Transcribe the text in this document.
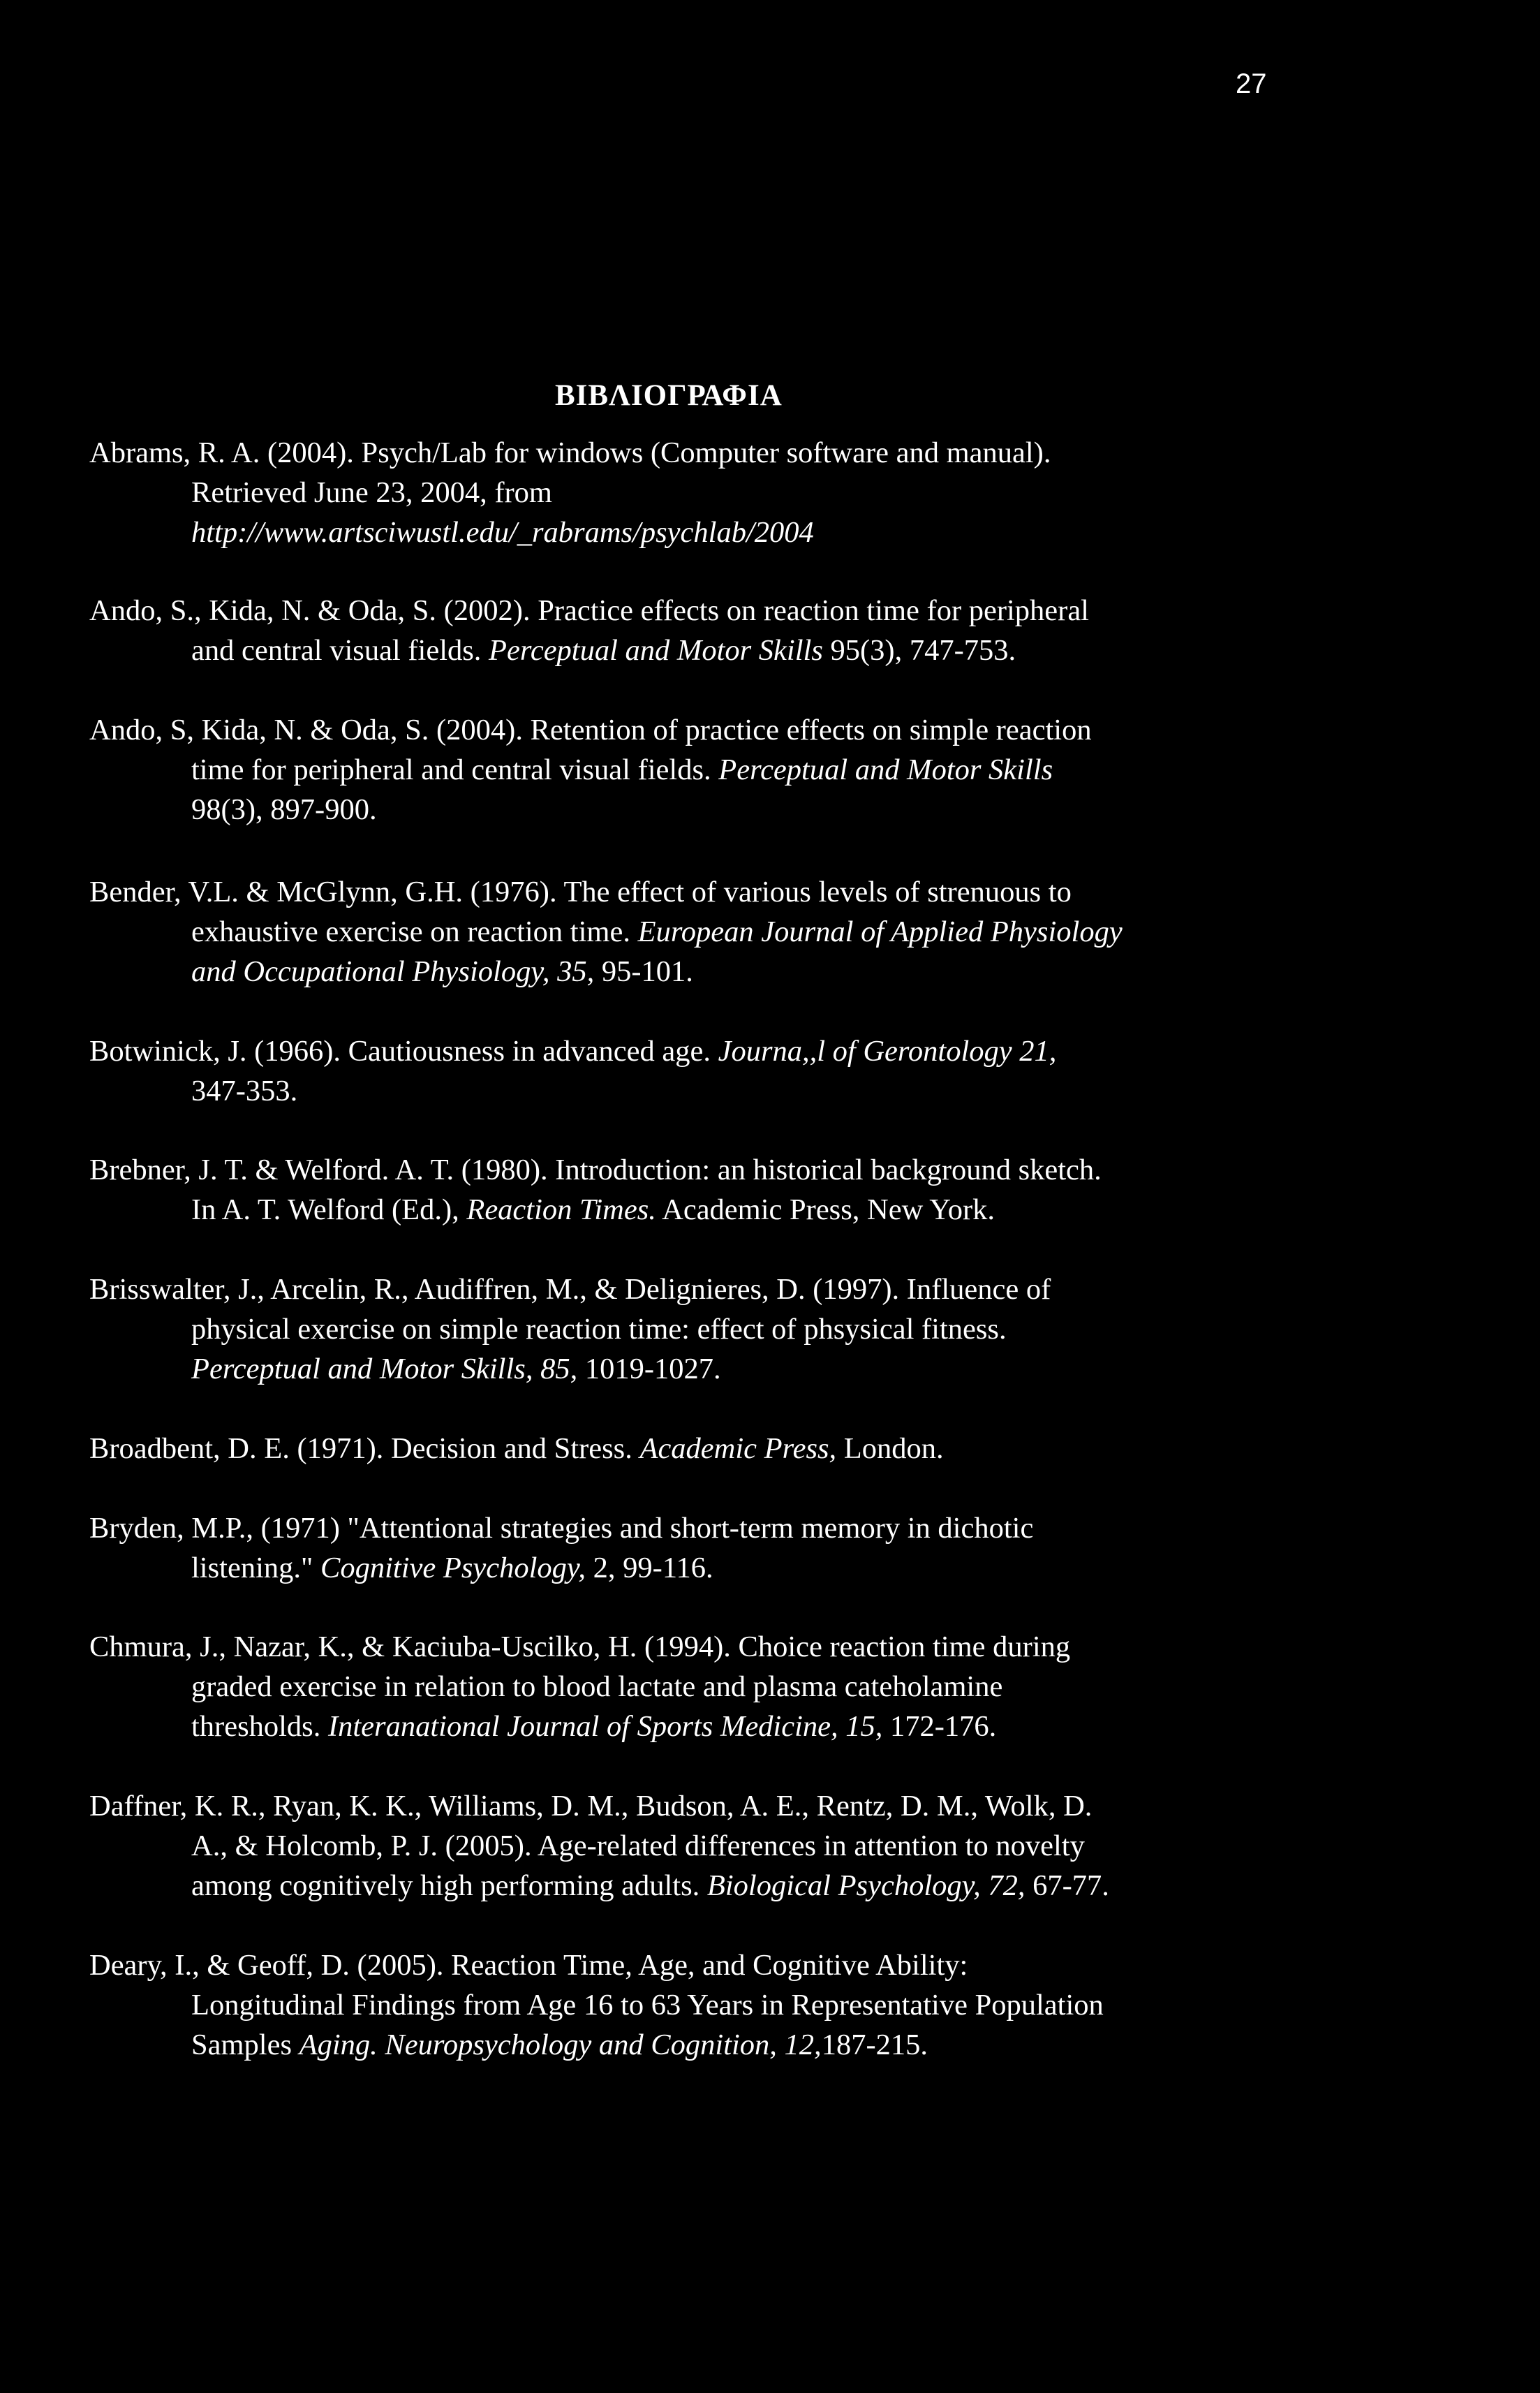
27
ΒΙΒΛΙΟΓΡΑΦΙΑ
Abrams, R. A. (2004). Psych/Lab for windows (Computer software and manual).
Retrieved June 23, 2004, from
http://www.artsciwustl.edu/_rabrams/psychlab/2004
Ando, S., Kida, N. & Oda, S. (2002). Practice effects on reaction time for peripheral
and central visual fields. Perceptual and Motor Skills 95(3), 747-753.
Ando, S, Kida, N. & Oda, S. (2004). Retention of practice effects on simple reaction
time for peripheral and central visual fields. Perceptual and Motor Skills
98(3), 897-900.
Bender, V.L. & McGlynn, G.H. (1976). The effect of various levels of strenuous to
exhaustive exercise on reaction time. European Journal of Applied Physiology
and Occupational Physiology, 35, 95-101.
Botwinick, J. (1966). Cautiousness in advanced age. Journa,,l of Gerontology 21,
347-353.
Brebner, J. T. & Welford. A. T. (1980). Introduction: an historical background sketch.
In A. T. Welford (Ed.), Reaction Times. Academic Press, New York.
Brisswalter, J., Arcelin, R., Audiffren, M., & Delignieres, D. (1997). Influence of
physical exercise on simple reaction time: effect of phsysical fitness.
Perceptual and Motor Skills, 85, 1019-1027.
Broadbent, D. E. (1971). Decision and Stress. Academic Press, London.
Bryden, M.P., (1971) "Attentional strategies and short-term memory in dichotic
listening." Cognitive Psychology, 2, 99-116.
Chmura, J., Nazar, K., & Kaciuba-Uscilko, H. (1994). Choice reaction time during
graded exercise in relation to blood lactate and plasma cateholamine
thresholds. Interanational Journal of Sports Medicine, 15, 172-176.
Daffner, K. R., Ryan, K. K., Williams, D. M., Budson, A. E., Rentz, D. M., Wolk, D.
A., & Holcomb, P. J. (2005). Age-related differences in attention to novelty
among cognitively high performing adults. Biological Psychology, 72, 67-77.
Deary, I., & Geoff, D. (2005). Reaction Time, Age, and Cognitive Ability:
Longitudinal Findings from Age 16 to 63 Years in Representative Population
Samples Aging. Neuropsychology and Cognition, 12,187-215.
